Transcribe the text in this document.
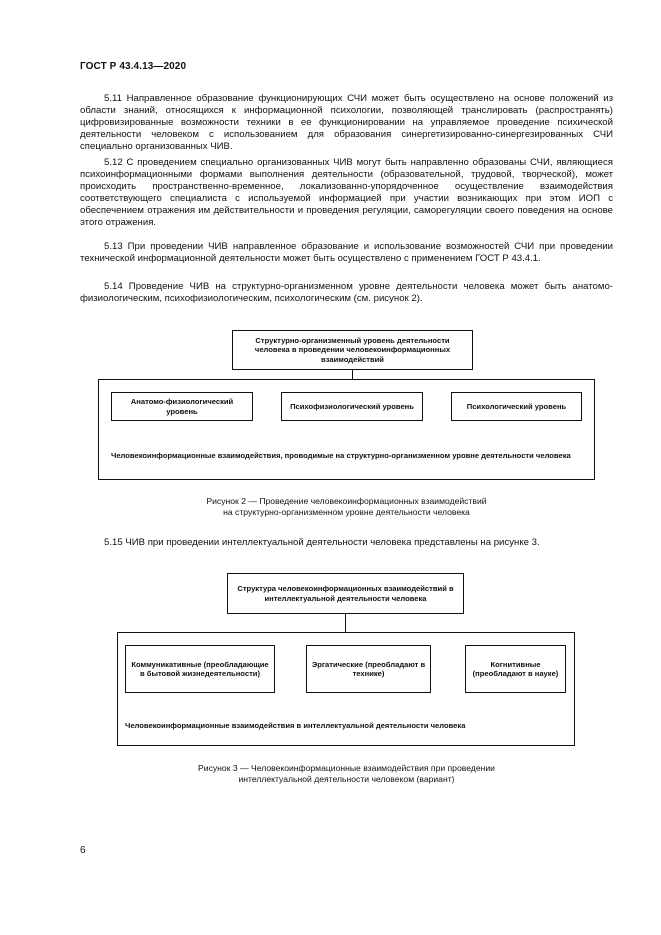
ГОСТ Р 43.4.13—2020

5.11 Направленное образование функционирующих СЧИ может быть осуществлено на основе положений из области знаний, относящихся к информационной психологии, позволяющей транслировать (распространять) цифровизированные возможности техники в ее функционировании на управляемое проведение психической деятельности человеком с использованием для образования синергетизированно-синергезированных СЧИ специально организованных ЧИВ.

5.12 С проведением специально организованных ЧИВ могут быть направленно образованы СЧИ, являющиеся психоинформационными формами выполнения деятельности (образовательной, трудовой, творческой), может происходить пространственно-временное, локализованно-упорядоченное осуществление взаимодействия соответствующего специалиста с используемой информацией при участии возникающих при этом ИОП с обеспечением отражения им действительности и проведения регуляции, саморегуляции своего поведения на основе этого отражения.

5.13 При проведении ЧИВ направленное образование и использование возможностей СЧИ при проведении технической информационной деятельности может быть осуществлено с применением ГОСТ Р 43.4.1.

5.14 Проведение ЧИВ на структурно-организменном уровне деятельности человека может быть анатомо-физиологическим, психофизиологическим, психологическим (см. рисунок 2).

Структурно-организменный уровень деятельности человека в проведении человекоинформационных взаимодействий
Анатомо-физиологический уровень
Психофизиологический уровень	Психологический уровень
Человекоинформационные взаимодействия, проводимые на структурно-организменном уровне деятельности человека
Рисунок 2 — Проведение человекоинформационных взаимодействий
на структурно-организменном уровне деятельности человека

5.15 ЧИВ при проведении интеллектуальной деятельности человека представлены на рисунке 3.

Структура человекоинформационных взаимодействий в интеллектуальной деятельности человека
Коммуникативные (преобладающие в бытовой жизнедеятельности)
Эргатические (преобладают в технике)
Когнитивные (преобладают в науке)
Человекоинформационные взаимодействия в интеллектуальной деятельности человека
Рисунок 3 — Человекоинформационные взаимодействия при проведении
интеллектуальной деятельности человеком (вариант)
6
